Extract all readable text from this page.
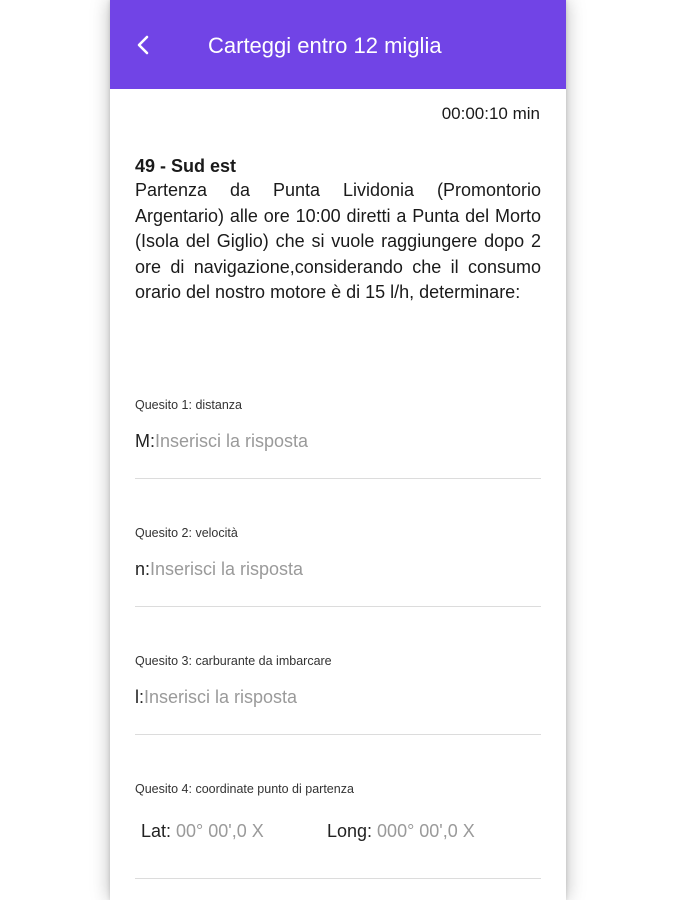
Carteggi entro 12 miglia
00:00:10 min
49 - Sud est
Partenza da Punta Lividonia (Promontorio Argentario) alle ore 10:00 diretti a Punta del Morto (Isola del Giglio) che si vuole raggiungere dopo 2 ore di navigazione,considerando che il consumo orario del nostro motore è di 15 l/h, determinare:
Quesito 1: distanza
M: Inserisci la risposta
Quesito 2: velocità
n: Inserisci la risposta
Quesito 3: carburante da imbarcare
l: Inserisci la risposta
Quesito 4: coordinate punto di partenza
Lat: 00° 00',0 X	Long: 000° 00',0 X
